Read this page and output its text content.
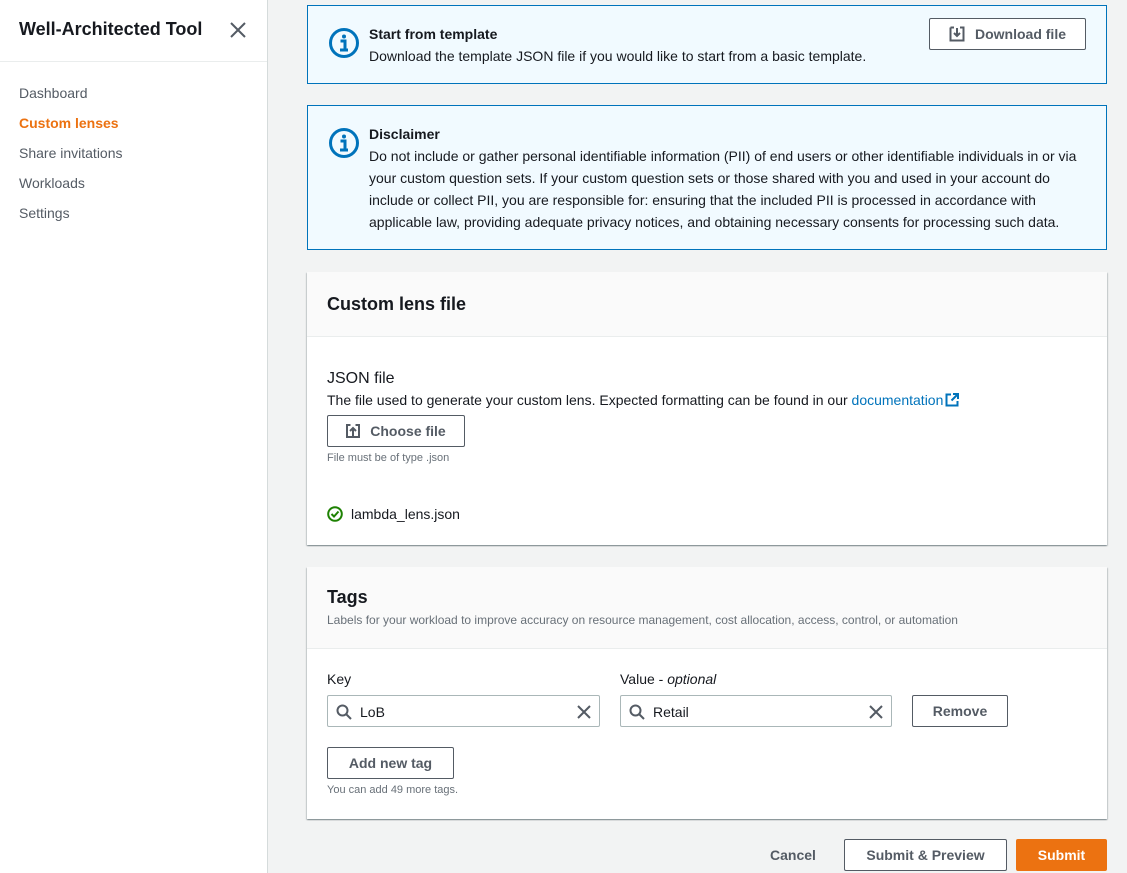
Well-Architected Tool
Dashboard
Custom lenses
Share invitations
Workloads
Settings
Start from template
Download the template JSON file if you would like to start from a basic template.
Download file
Disclaimer
Do not include or gather personal identifiable information (PII) of end users or other identifiable individuals in or via your custom question sets. If your custom question sets or those shared with you and used in your account do include or collect PII, you are responsible for: ensuring that the included PII is processed in accordance with applicable law, providing adequate privacy notices, and obtaining necessary consents for processing such data.
Custom lens file
JSON file
The file used to generate your custom lens. Expected formatting can be found in our documentation
Choose file
File must be of type .json
lambda_lens.json
Tags
Labels for your workload to improve accuracy on resource management, cost allocation, access, control, or automation
Key	Value - optional
LoB	Retail	Remove
Add new tag
You can add 49 more tags.
Cancel	Submit & Preview	Submit
